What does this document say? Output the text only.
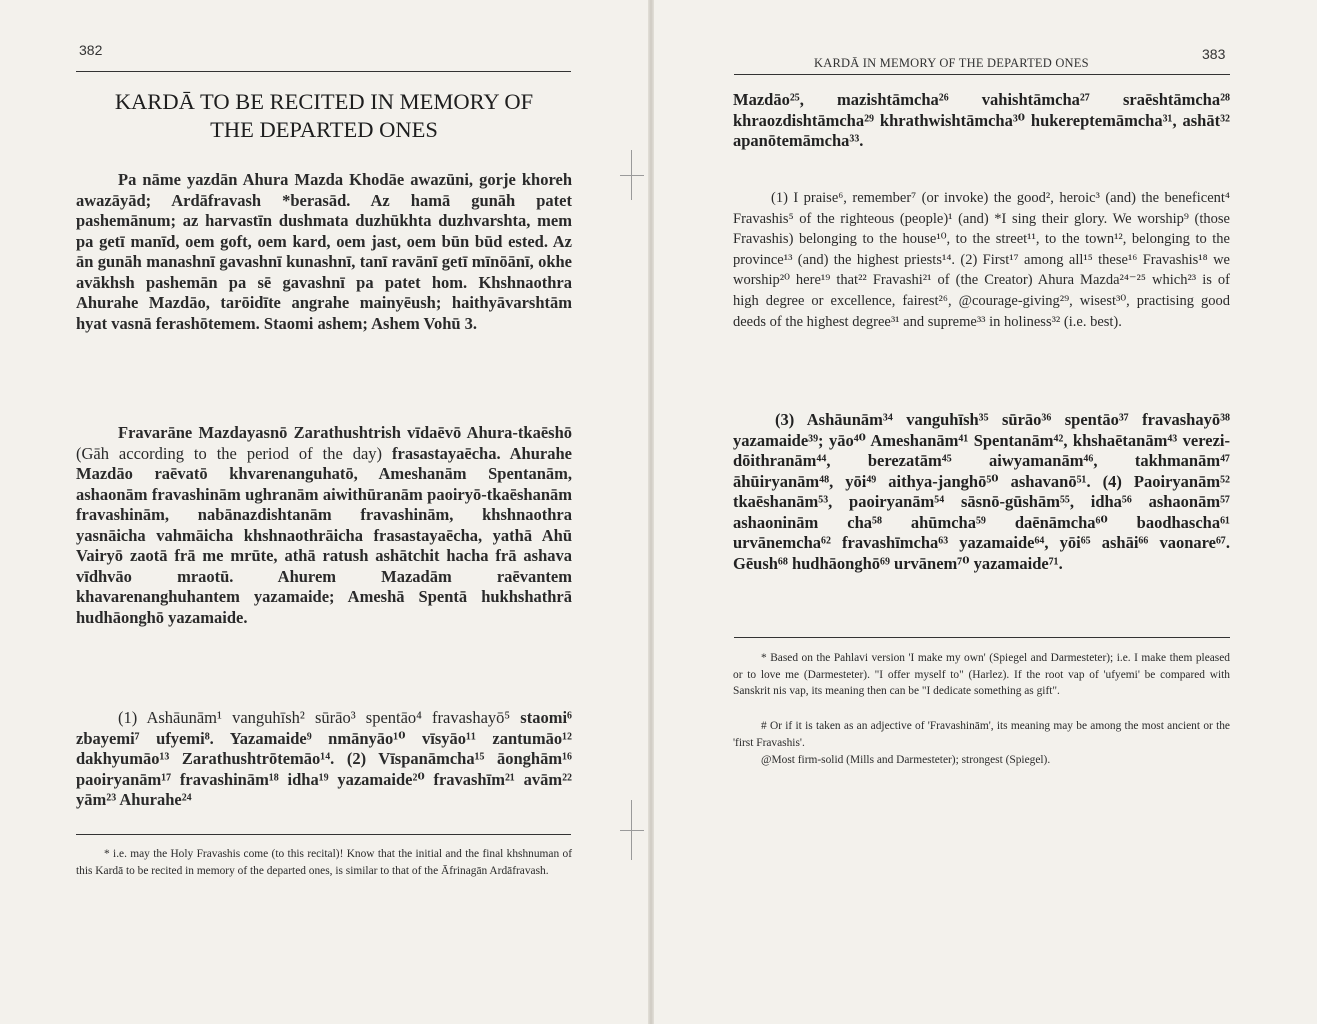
382
KARDĀ TO BE RECITED IN MEMORY OF
THE DEPARTED ONES

Pa nāme yazdān Ahura Mazda Khodāe awazūni, gorje khoreh awazāyād; Ardāfravash *berasād. Az hamā gunāh patet pashemānum; az harvastīn dushmata duzhūkhta duzhvarshta, mem pa getī manīd, oem goft, oem kard, oem jast, oem būn būd ested. Az ān gunāh manashnī gavashnī kunashnī, tanī ravānī getī mīnōānī, okhe avākhsh pashemān pa sē gavashnī pa patet hom. Khshnaothra Ahurahe Mazdāo, tarōidīte angrahe mainyēush; haithyāvarshtām hyat vasnā ferashōtemem. Staomi ashem; Ashem Vohū 3.

Fravarāne Mazdayasnō Zarathushtrish vīdaēvō Ahura-tkaēshō (Gāh according to the period of the day) frasastayaēcha. Ahurahe Mazdāo raēvatō khvarenanguhatō, Ameshanām Spentanām, ashaonām fravashinām ughranām aiwithūranām paoiryō-tkaēshanām fravashinām, nabānazdishtanām fravashinām, khshnaothra yasnāicha vahmāicha khshnaothrāicha frasastayaēcha, yathā Ahū Vairyō zaotā frā me mrūte, athā ratush ashātchit hacha frā ashava vīdhvāo mraotū. Ahurem Mazadām raēvantem khavarenanghuhantem yazamaide; Ameshā Spentā hukhshathrā hudhāonghō yazamaide.

(1) Ashāunām¹ vanguhīsh² sūrāo³ spentāo⁴ fravashayō⁵ staomi⁶ zbayemi⁷ ufyemi⁸. Yazamaide⁹ nmānyāo¹⁰ vīsyāo¹¹ zantumāo¹² dakhyumāo¹³ Zarathushtrōtemāo¹⁴. (2) Vīspanāmcha¹⁵ āonghām¹⁶ paoiryanām¹⁷ fravashinām¹⁸ idha¹⁹ yazamaide²⁰ fravashīm²¹ avām²² yām²³ Ahurahe²⁴

* i.e. may the Holy Fravashis come (to this recital)! Know that the initial and the final khshnuman of this Kardā to be recited in memory of the departed ones, is similar to that of the Āfrinagān Ardāfravash.

KARDĀ IN MEMORY OF THE DEPARTED ONES
383

Mazdāo²⁵, mazishtāmcha²⁶ vahishtāmcha²⁷ sraēshtāmcha²⁸ khraozdishtāmcha²⁹ khrathwishtāmcha³⁰ hukereptemāmcha³¹, ashāt³² apanōtemāmcha³³.

(1) I praise⁶, remember⁷ (or invoke) the good², heroic³ (and) the beneficent⁴ Fravashis⁵ of the righteous (people)¹ (and) *I sing their glory. We worship⁹ (those Fravashis) belonging to the house¹⁰, to the street¹¹, to the town¹², belonging to the province¹³ (and) the highest priests¹⁴. (2) First¹⁷ among all¹⁵ these¹⁶ Fravashis¹⁸ we worship²⁰ here¹⁹ that²² Fravashi²¹ of (the Creator) Ahura Mazda²⁴⁻²⁵ which²³ is of high degree or excellence, fairest²⁶, @courage-giving²⁹, wisest³⁰, practising good deeds of the highest degree³¹ and supreme³³ in holiness³² (i.e. best).

(3) Ashāunām³⁴ vanguhīsh³⁵ sūrāo³⁶ spentāo³⁷ fravashayō³⁸ yazamaide³⁹; yāo⁴⁰ Ameshanām⁴¹ Spentanām⁴², khshaētanām⁴³ verezi-dōithranām⁴⁴, berezatām⁴⁵ aiwyamanām⁴⁶, takhmanām⁴⁷ āhūiryanām⁴⁸, yōi⁴⁹ aithya-janghō⁵⁰ ashavanō⁵¹. (4) Paoiryanām⁵² tkaēshanām⁵³, paoiryanām⁵⁴ sāsnō-gūshām⁵⁵, idha⁵⁶ ashaonām⁵⁷ ashaoninām cha⁵⁸ ahūmcha⁵⁹ daēnāmcha⁶⁰ baodhascha⁶¹ urvānemcha⁶² fravashīmcha⁶³ yazamaide⁶⁴, yōi⁶⁵ ashāi⁶⁶ vaonare⁶⁷. Gēush⁶⁸ hudhāonghō⁶⁹ urvānem⁷⁰ yazamaide⁷¹.

* Based on the Pahlavi version 'I make my own' (Spiegel and Darmesteter); i.e. I make them pleased or to love me (Darmesteter). "I offer myself to" (Harlez). If the root vap of 'ufyemi' be compared with Sanskrit nis vap, its meaning then can be "I dedicate something as gift".

# Or if it is taken as an adjective of 'Fravashinām', its meaning may be among the most ancient or the 'first Fravashis'.

@Most firm-solid (Mills and Darmesteter); strongest (Spiegel).
